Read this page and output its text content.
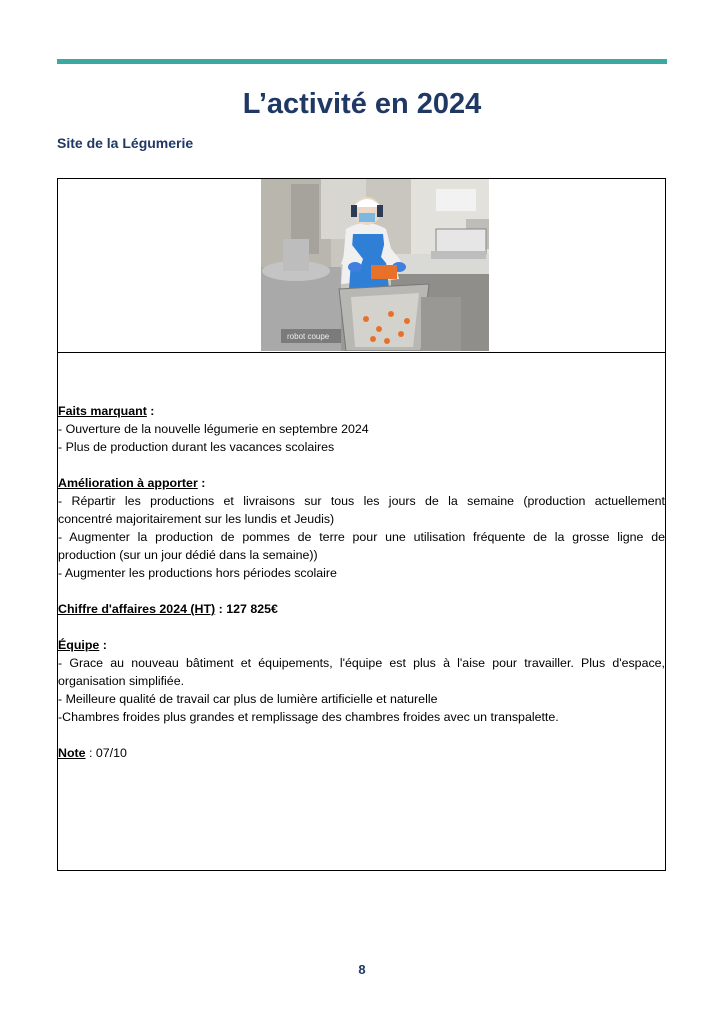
L’activité en 2024
Site de la Légumerie
robot coupe
Faits marquant :
- Ouverture de la nouvelle légumerie en septembre 2024
- Plus de production durant les vacances scolaires
Amélioration à apporter :
- Répartir les productions et livraisons sur tous les jours de la semaine (production actuellement
concentré majoritairement sur les lundis et Jeudis)
- Augmenter la production de pommes de terre pour une utilisation fréquente de la grosse ligne de
production (sur un jour dédié dans la semaine))
- Augmenter les productions hors périodes scolaire
Chiffre d'affaires 2024 (HT) : 127 825€
Équipe :
- Grace au nouveau bâtiment et équipements, l'équipe est plus à l'aise pour travailler. Plus d'espace,
organisation simplifiée.
- Meilleure qualité de travail car plus de lumière artificielle et naturelle
-Chambres froides plus grandes et remplissage des chambres froides avec un transpalette.
Note : 07/10
8
